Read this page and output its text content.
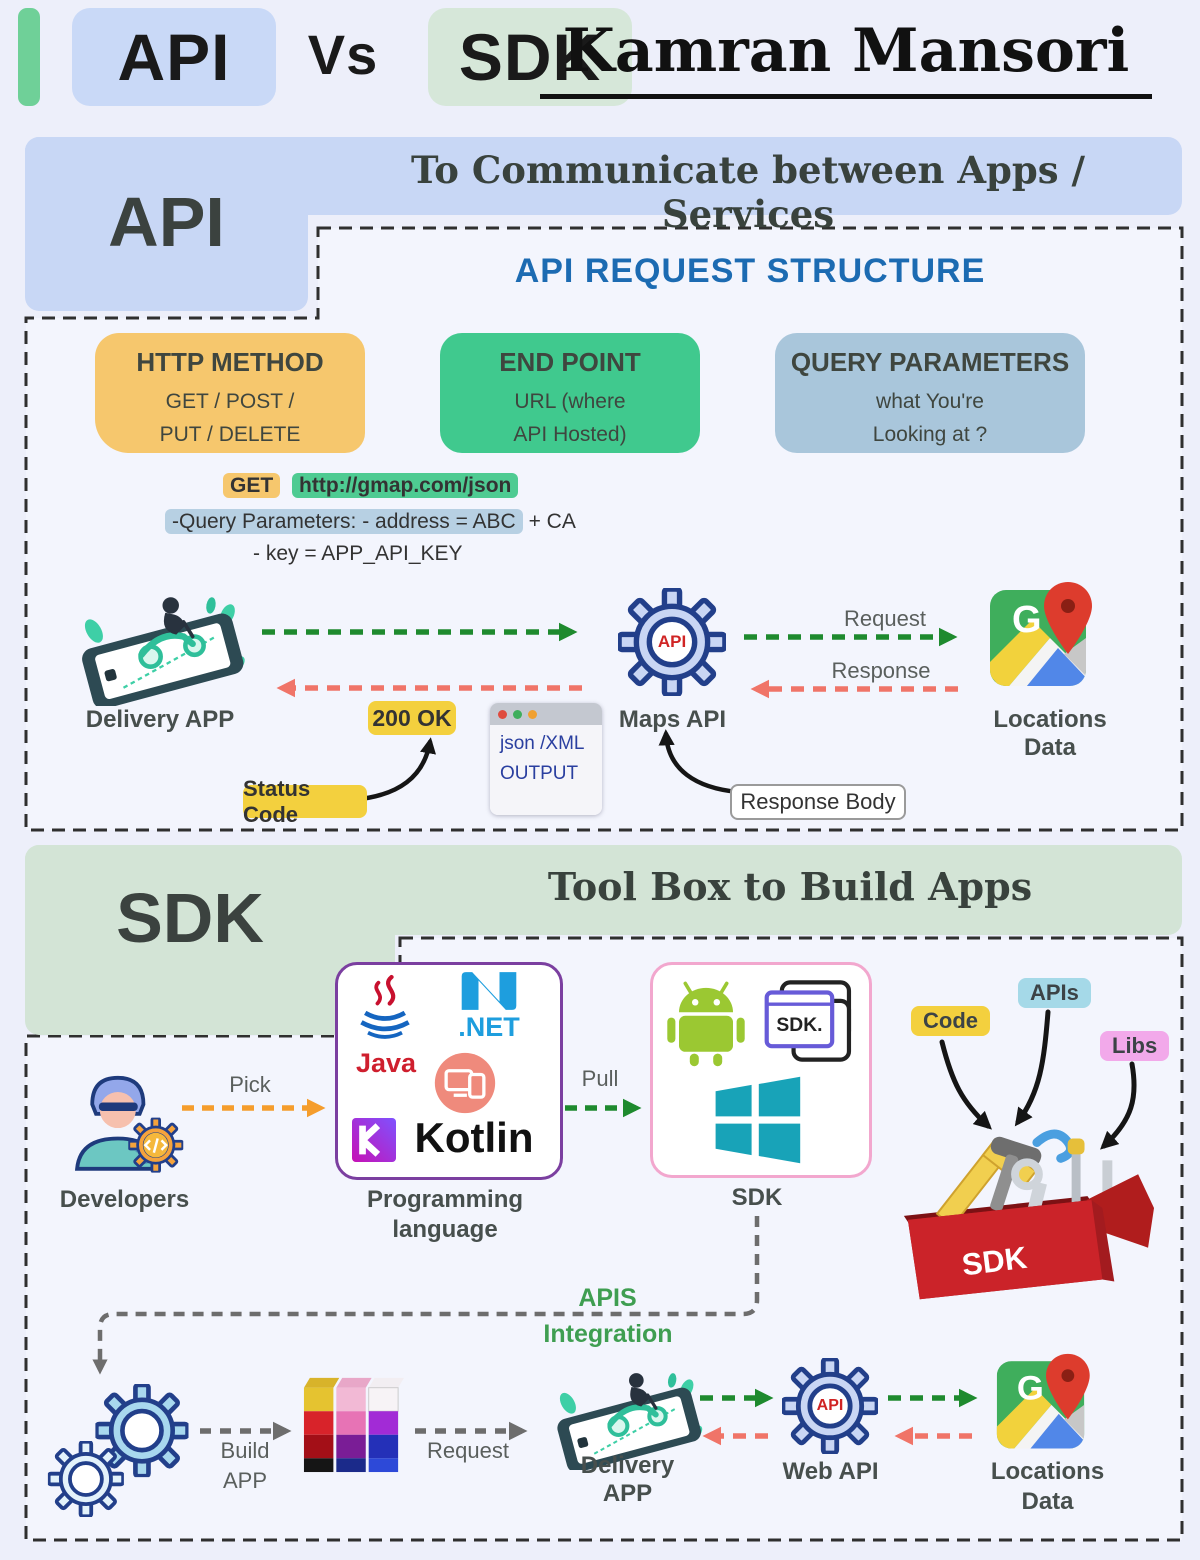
API	Vs SDK
Kamran Mansori
To Communicate between Apps / Services
API
API REQUEST STRUCTURE
HTTP METHOD
GET / POST /
PUT / DELETE
END POINT
URL (where
API Hosted)
QUERY PARAMETERS
what You're
Looking at ?
GET http://gmap.com/json
-Query Parameters: - address = ABC + CA
- key = APP_API_KEY
Delivery APP
API
Maps API
Request
Response
Locations
Data
200 OK
Status Code
json /XML
OUTPUT
Response Body
Tool Box to Build Apps
SDK
Developers
Pick	Pull
Java
.NET
Kotlin
Programming
language
SDK.
SDK
Code
APIs
Libs
SDK
APIS
Integration
Build
APP
Request
Delivery
APP
API
Web API	Locations
Data
